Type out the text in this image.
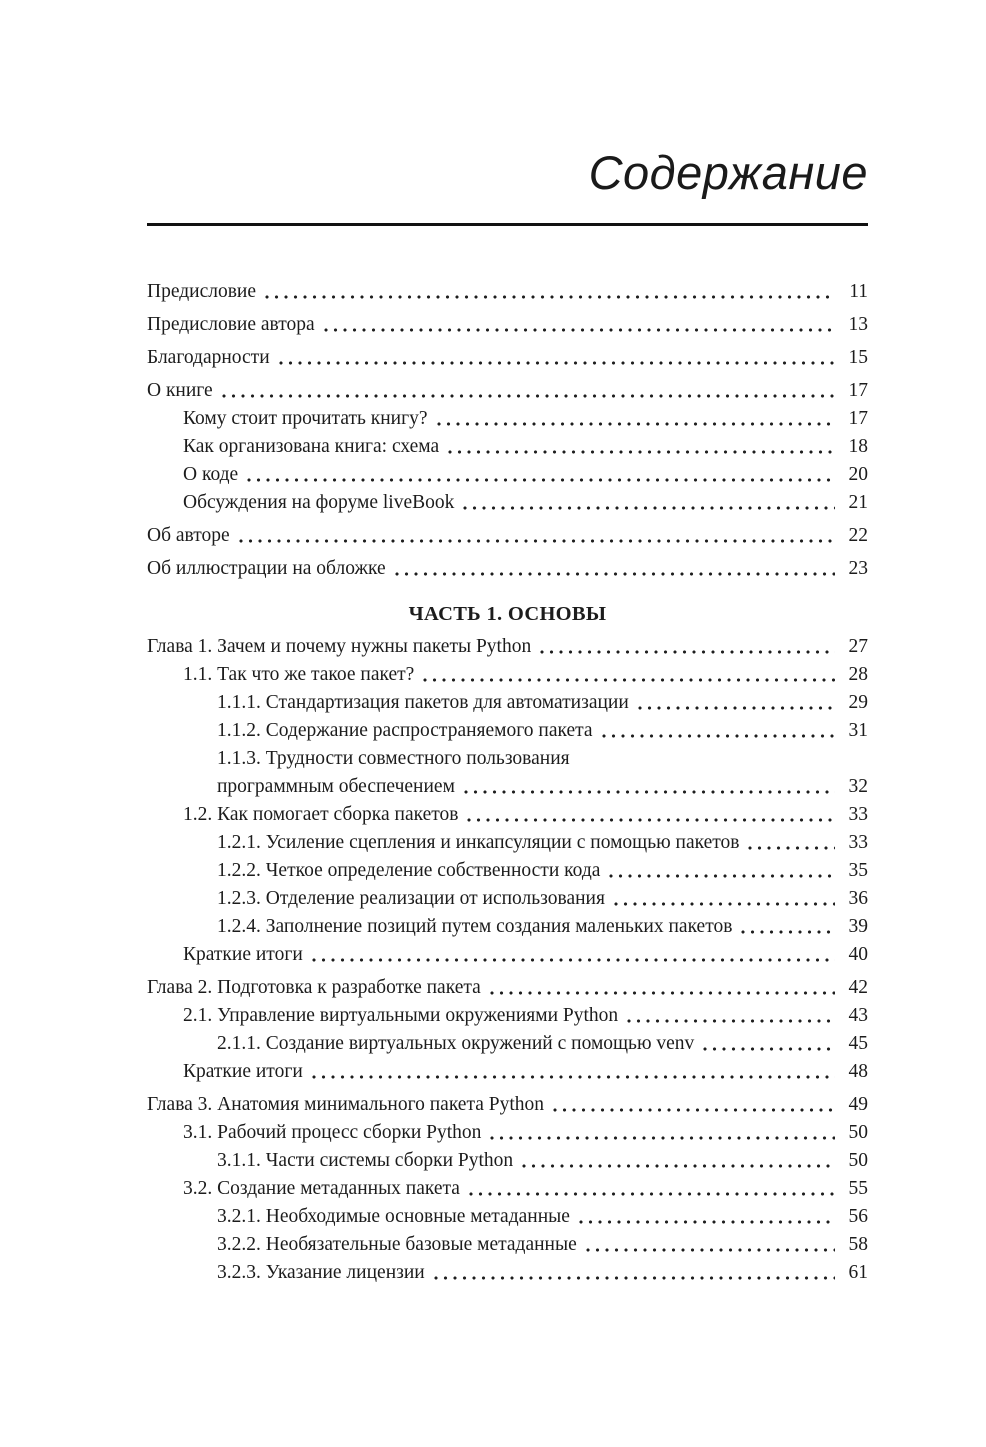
Содержание
Предисловие	11
Предисловие автора	13
Благодарности	15
О книге	17
Кому стоит прочитать книгу?	17
Как организована книга: схема	18
О коде	20
Обсуждения на форуме liveBook	21
Об авторе	22
Об иллюстрации на обложке	23
ЧАСТЬ 1. ОСНОВЫ
Глава 1. Зачем и почему нужны пакеты Python	27
1.1. Так что же такое пакет?	28
1.1.1. Стандартизация пакетов для автоматизации	29
1.1.2. Содержание распространяемого пакета	31
1.1.3. Трудности совместного пользования
программным обеспечением	32
1.2. Как помогает сборка пакетов	33
1.2.1. Усиление сцепления и инкапсуляции с помощью пакетов	33
1.2.2. Четкое определение собственности кода	35
1.2.3. Отделение реализации от использования	36
1.2.4. Заполнение позиций путем создания маленьких пакетов	39
Краткие итоги	40
Глава 2. Подготовка к разработке пакета	42
2.1. Управление виртуальными окружениями Python	43
2.1.1. Создание виртуальных окружений с помощью venv	45
Краткие итоги	48
Глава 3. Анатомия минимального пакета Python	49
3.1. Рабочий процесс сборки Python	50
3.1.1. Части системы сборки Python	50
3.2. Создание метаданных пакета	55
3.2.1. Необходимые основные метаданные	56
3.2.2. Необязательные базовые метаданные	58
3.2.3. Указание лицензии	61
